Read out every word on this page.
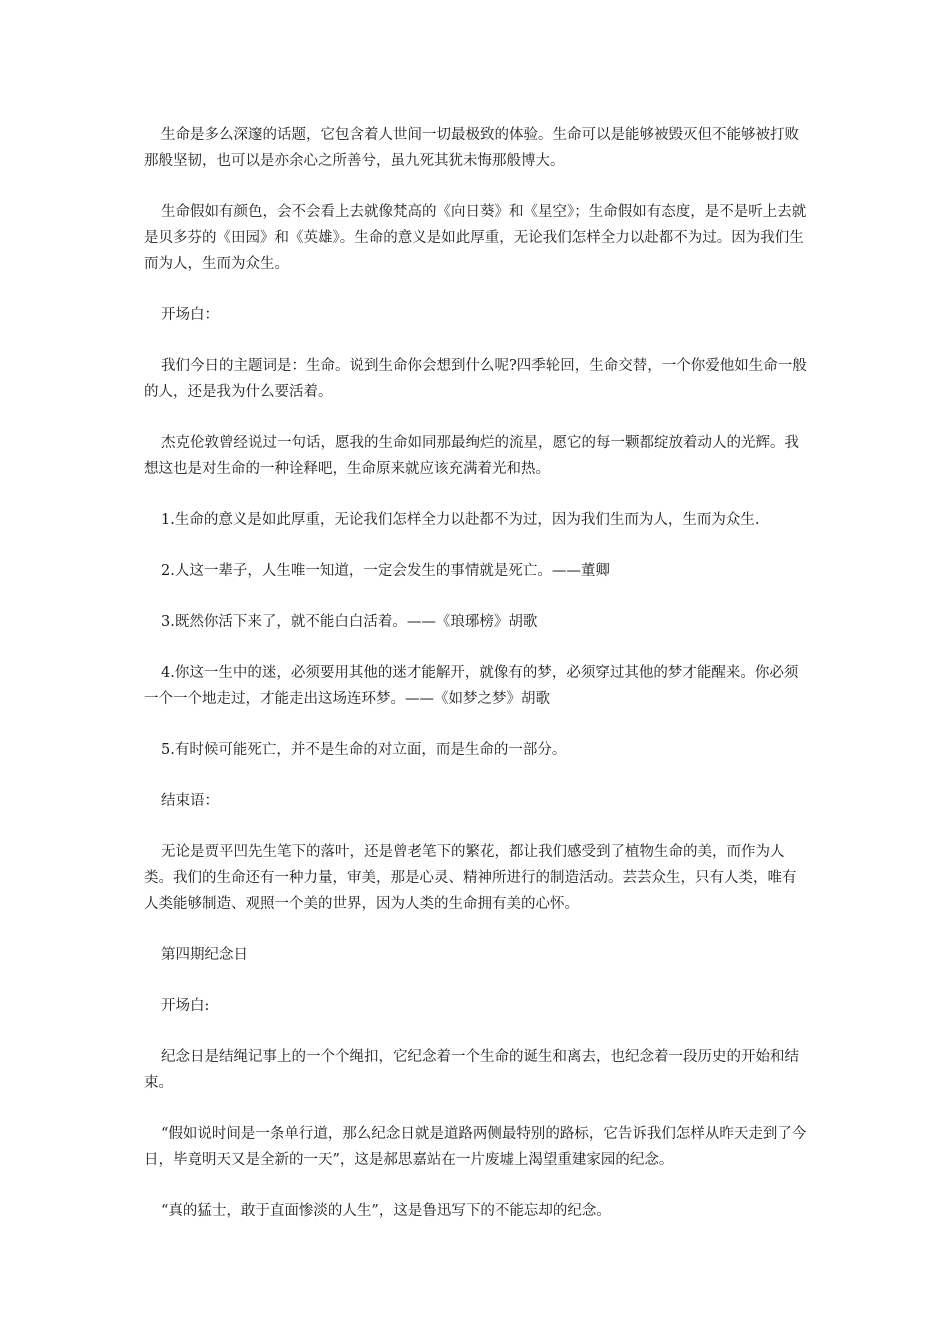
生命是多么深邃的话题，它包含着人世间一切最极致的体验。生命可以是能够被毁灭但不能够被打败那般坚韧，也可以是亦余心之所善兮，虽九死其犹未悔那般博大。

生命假如有颜色，会不会看上去就像梵高的《向日葵》和《星空》；生命假如有态度，是不是听上去就是贝多芬的《田园》和《英雄》。生命的意义是如此厚重，无论我们怎样全力以赴都不为过。因为我们生而为人，生而为众生。

开场白：

我们今日的主题词是：生命。说到生命你会想到什么呢?四季轮回，生命交替，一个你爱他如生命一般的人，还是我为什么要活着。

杰克伦敦曾经说过一句话，愿我的生命如同那最绚烂的流星，愿它的每一颗都绽放着动人的光辉。我想这也是对生命的一种诠释吧，生命原来就应该充满着光和热。

1.生命的意义是如此厚重，无论我们怎样全力以赴都不为过，因为我们生而为人，生而为众生.

2.人这一辈子，人生唯一知道，一定会发生的事情就是死亡。——董卿

3.既然你活下来了，就不能白白活着。——《琅琊榜》胡歌

4.你这一生中的迷，必须要用其他的迷才能解开，就像有的梦，必须穿过其他的梦才能醒来。你必须一个一个地走过，才能走出这场连环梦。——《如梦之梦》胡歌

5.有时候可能死亡，并不是生命的对立面，而是生命的一部分。

结束语：

无论是贾平凹先生笔下的落叶，还是曾老笔下的繁花，都让我们感受到了植物生命的美，而作为人类。我们的生命还有一种力量，审美，那是心灵、精神所进行的制造活动。芸芸众生，只有人类，唯有人类能够制造、观照一个美的世界，因为人类的生命拥有美的心怀。

第四期纪念日

开场白:

纪念日是结绳记事上的一个个绳扣，它纪念着一个生命的诞生和离去，也纪念着一段历史的开始和结束。

“假如说时间是一条单行道，那么纪念日就是道路两侧最特别的路标，它告诉我们怎样从昨天走到了今日，毕竟明天又是全新的一天”，这是郝思嘉站在一片废墟上渴望重建家园的纪念。

“真的猛士，敢于直面惨淡的人生”，这是鲁迅写下的不能忘却的纪念。
